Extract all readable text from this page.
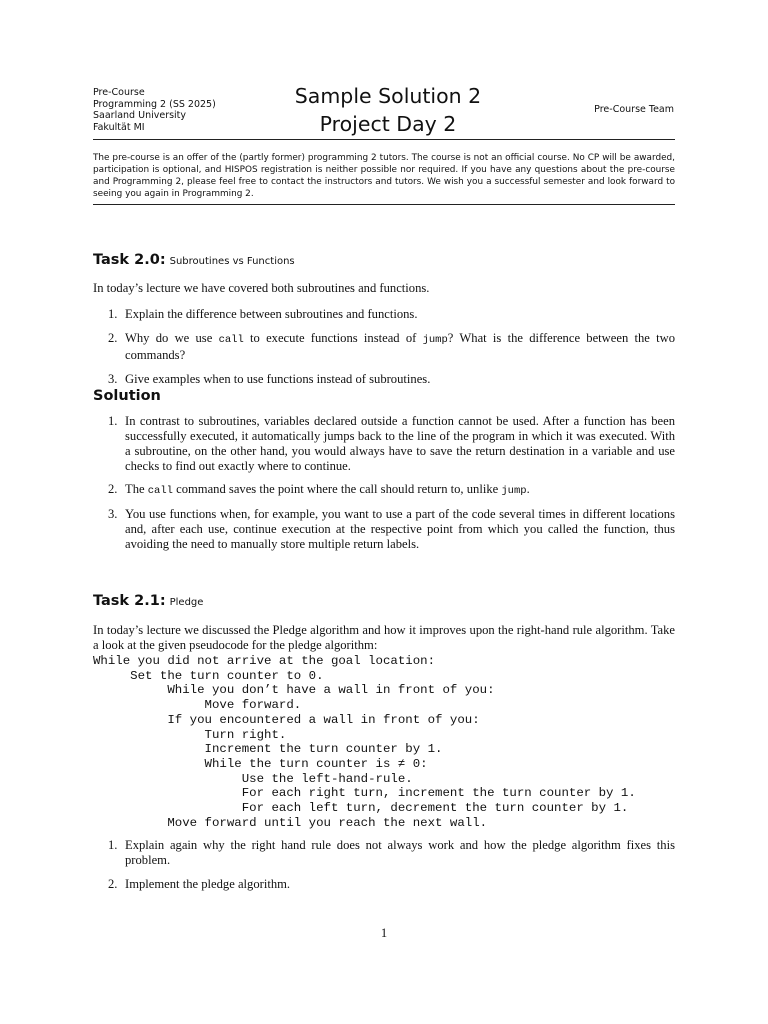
Pre-Course
Programming 2 (SS 2025)
Saarland University
Fakultät MI
Sample Solution 2
Project Day 2
Pre-Course Team
The pre-course is an offer of the (partly former) programming 2 tutors. The course is not an official course. No CP will be awarded, participation is optional, and HISPOS registration is neither possible nor required. If you have any questions about the pre-course and Programming 2, please feel free to contact the instructors and tutors. We wish you a successful semester and look forward to seeing you again in Programming 2.
Task 2.0: Subroutines vs Functions
In today’s lecture we have covered both subroutines and functions.
1. Explain the difference between subroutines and functions.
2. Why do we use call to execute functions instead of jump? What is the difference between the two commands?
3. Give examples when to use functions instead of subroutines.
Solution
1. In contrast to subroutines, variables declared outside a function cannot be used. After a function has been successfully executed, it automatically jumps back to the line of the program in which it was executed. With a subroutine, on the other hand, you would always have to save the return destination in a variable and use checks to find out exactly where to continue.
2. The call command saves the point where the call should return to, unlike jump.
3. You use functions when, for example, you want to use a part of the code several times in different locations and, after each use, continue execution at the respective point from which you called the function, thus avoiding the need to manually store multiple return labels.
Task 2.1: Pledge
In today’s lecture we discussed the Pledge algorithm and how it improves upon the right-hand rule algorithm. Take a look at the given pseudocode for the pledge algorithm:
While you did not arrive at the goal location:
Set the turn counter to 0.
While you don’t have a wall in front of you:
Move forward.
If you encountered a wall in front of you:
Turn right.
Increment the turn counter by 1.
While the turn counter is ≠ 0:
Use the left-hand-rule.
For each right turn, increment the turn counter by 1.
For each left turn, decrement the turn counter by 1.
Move forward until you reach the next wall.
1. Explain again why the right hand rule does not always work and how the pledge algorithm fixes this problem.
2. Implement the pledge algorithm.
1
